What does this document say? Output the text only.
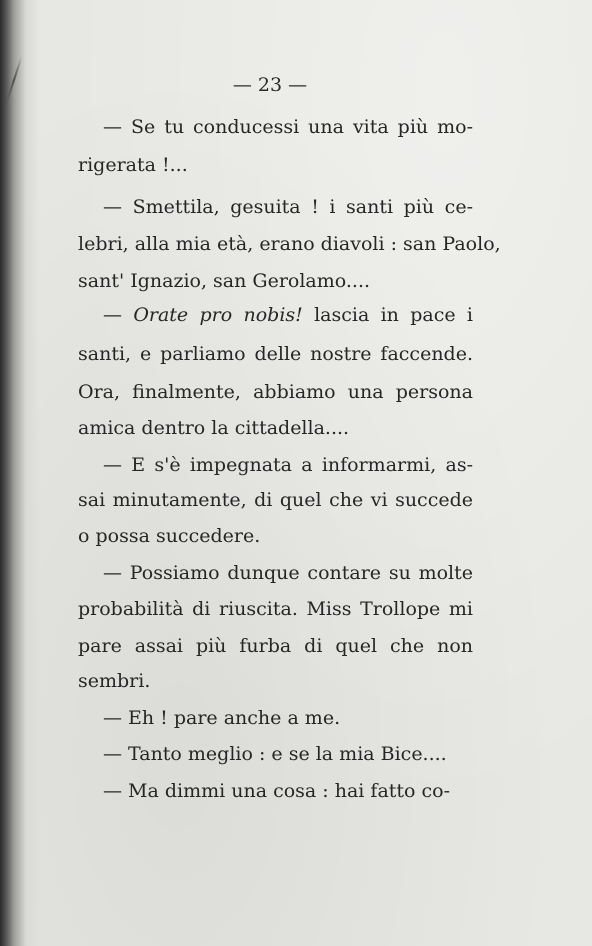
— 23 —
— Se tu conducessi una vita più mo-
rigerata !...
— Smettila, gesuita ! i santi più ce-
lebri, alla mia età, erano diavoli : san Paolo,
sant' Ignazio, san Gerolamo....
— Orate pro nobis! lascia in pace i
santi, e parliamo delle nostre faccende.
Ora, finalmente, abbiamo una persona
amica dentro la cittadella....
— E s'è impegnata a informarmi, as-
sai minutamente, di quel che vi succede
o possa succedere.
— Possiamo dunque contare su molte
probabilità di riuscita. Miss Trollope mi
pare assai più furba di quel che non
sembri.
— Eh ! pare anche a me.
— Tanto meglio : e se la mia Bice....
— Ma dimmi una cosa : hai fatto co-
